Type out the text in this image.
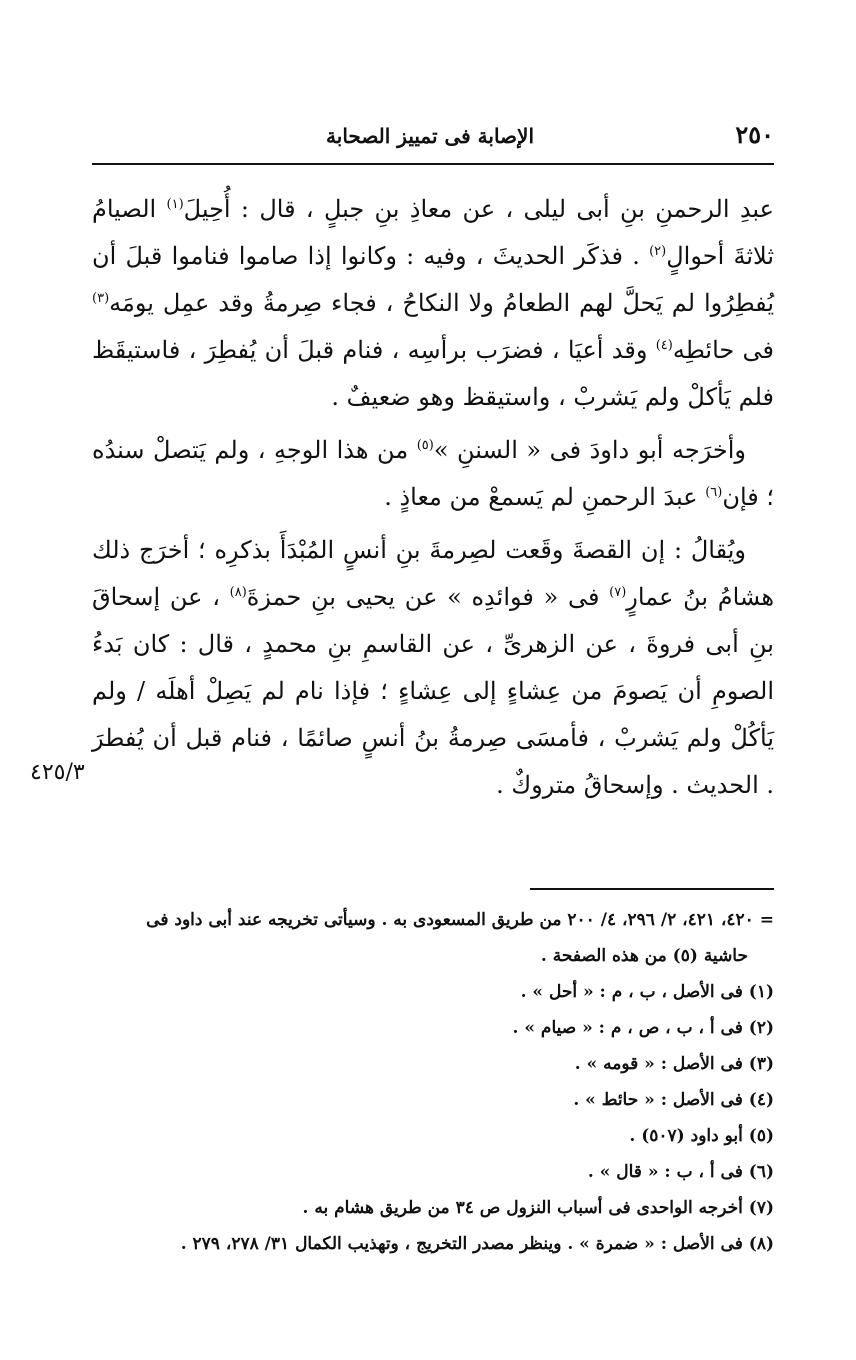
٢٥٠
الإصابة فى تمييز الصحابة

عبدِ الرحمنِ بنِ أبى ليلى ، عن معاذِ بنِ جبلٍ ، قال : أُحِيلَ$^{(١)}$ الصيامُ ثلاثةَ أحوالٍ$^{(٢)}$ . فذكَر الحديثَ ، وفيه : وكانوا إذا صاموا فناموا قبلَ أن يُفطِرُوا لم يَحلَّ لهم الطعامُ ولا النكاحُ ، فجاء صِرمةُ وقد عمِل يومَه$^{(٣)}$ فى حائطِه$^{(٤)}$ وقد أعيَا ، فضرَب برأسِه ، فنام قبلَ أن يُفطِرَ ، فاستيقَظ فلم يَأكلْ ولم يَشربْ ، واستيقظ وهو ضعيفٌ .

وأخرَجه أبو داودَ فى « السننِ »$^{(٥)}$ من هذا الوجهِ ، ولم يَتصلْ سندُه ؛ فإن$^{(٦)}$ عبدَ الرحمنِ لم يَسمعْ من معاذٍ .

ويُقالُ : إن القصةَ وقَعت لصِرمةَ بنِ أنسٍ المُبْدَأَ بذكرِه ؛ أخرَج ذلك هشامُ بنُ عمارٍ$^{(٧)}$ فى « فوائدِه » عن يحيى بنِ حمزةَ$^{(٨)}$ ، عن إسحاقَ بنِ أبى فروةَ ، عن الزهرىِّ ، عن القاسمِ بنِ محمدٍ ، قال : كان بَدءُ الصومِ أن يَصومَ من عِشاءٍ إلى عِشاءٍ ؛ فإذا نام لم يَصِلْ أهلَه / ولم يَأكُلْ ولم يَشربْ ، فأمسَى صِرمةُ بنُ أنسٍ صائمًا ، فنام قبل أن يُفطرَ . الحديث . وإسحاقُ متروكٌ .

٤٢٥/٣

= ٤٢٠، ٤٢١، ٢/ ٢٩٦، ٤/ ٢٠٠ من طريق المسعودى به . وسيأتى تخريجه عند أبى داود فى

حاشية (٥) من هذه الصفحة .

(١) فى الأصل ، ب ، م : « أحل » .

(٢) فى أ ، ب ، ص ، م : « صيام » .

(٣) فى الأصل : « قومه » .

(٤) فى الأصل : « حائط » .

(٥) أبو داود (٥٠٧) .

(٦) فى أ ، ب : « قال » .

(٧) أخرجه الواحدى فى أسباب النزول ص ٣٤ من طريق هشام به .

(٨) فى الأصل : « ضمرة » . وينظر مصدر التخريج ، وتهذيب الكمال ٣١/ ٢٧٨، ٢٧٩ .
